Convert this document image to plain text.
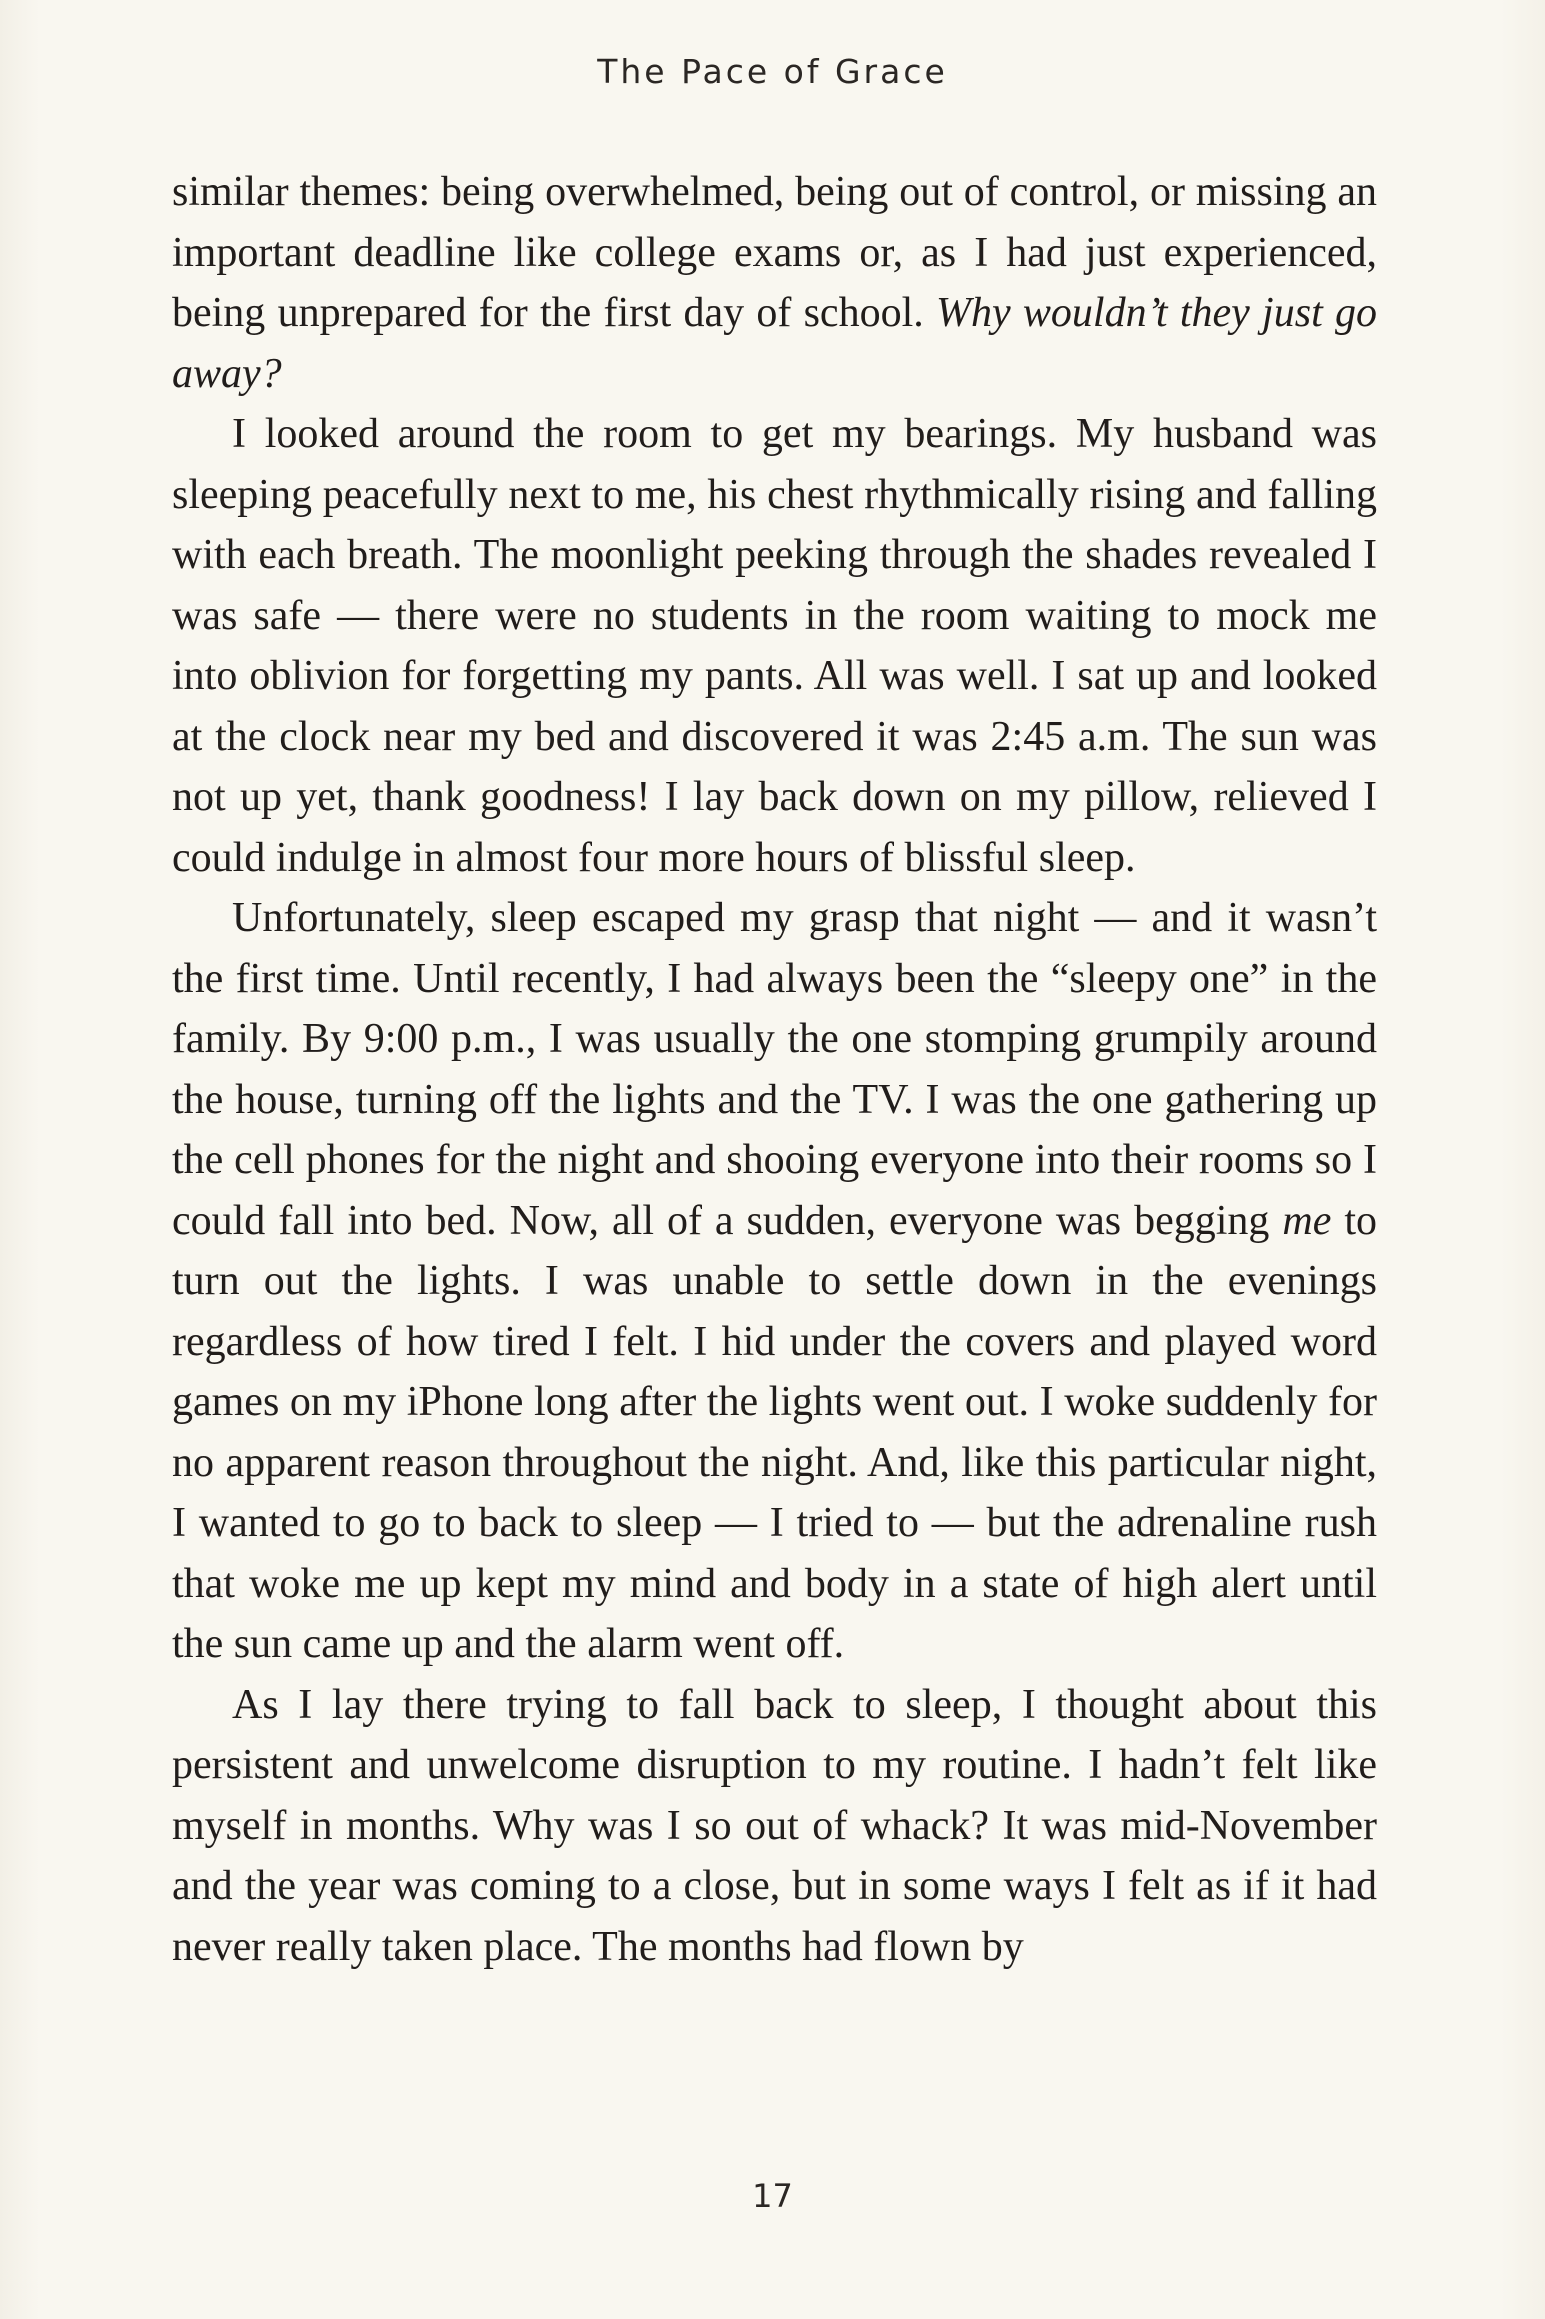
The Pace of Grace

similar themes: being overwhelmed, being out of control, or missing an important deadline like college exams or, as I had just experienced, being unprepared for the first day of school. Why wouldn’t they just go away?

I looked around the room to get my bearings. My husband was sleeping peacefully next to me, his chest rhythmically rising and falling with each breath. The moonlight peeking through the shades revealed I was safe — there were no students in the room waiting to mock me into oblivion for forgetting my pants. All was well. I sat up and looked at the clock near my bed and discovered it was 2:45 a.m. The sun was not up yet, thank goodness! I lay back down on my pillow, relieved I could indulge in almost four more hours of blissful sleep.

Unfortunately, sleep escaped my grasp that night — and it wasn’t the first time. Until recently, I had always been the “sleepy one” in the family. By 9:00 p.m., I was usually the one stomping grumpily around the house, turning off the lights and the TV. I was the one gathering up the cell phones for the night and shooing everyone into their rooms so I could fall into bed. Now, all of a sudden, everyone was begging me to turn out the lights. I was unable to settle down in the evenings regardless of how tired I felt. I hid under the covers and played word games on my iPhone long after the lights went out. I woke suddenly for no apparent reason throughout the night. And, like this particular night, I wanted to go to back to sleep — I tried to — but the adrenaline rush that woke me up kept my mind and body in a state of high alert until the sun came up and the alarm went off.

As I lay there trying to fall back to sleep, I thought about this persistent and unwelcome disruption to my routine. I hadn’t felt like myself in months. Why was I so out of whack? It was mid-November and the year was coming to a close, but in some ways I felt as if it had never really taken place. The months had flown by

17
